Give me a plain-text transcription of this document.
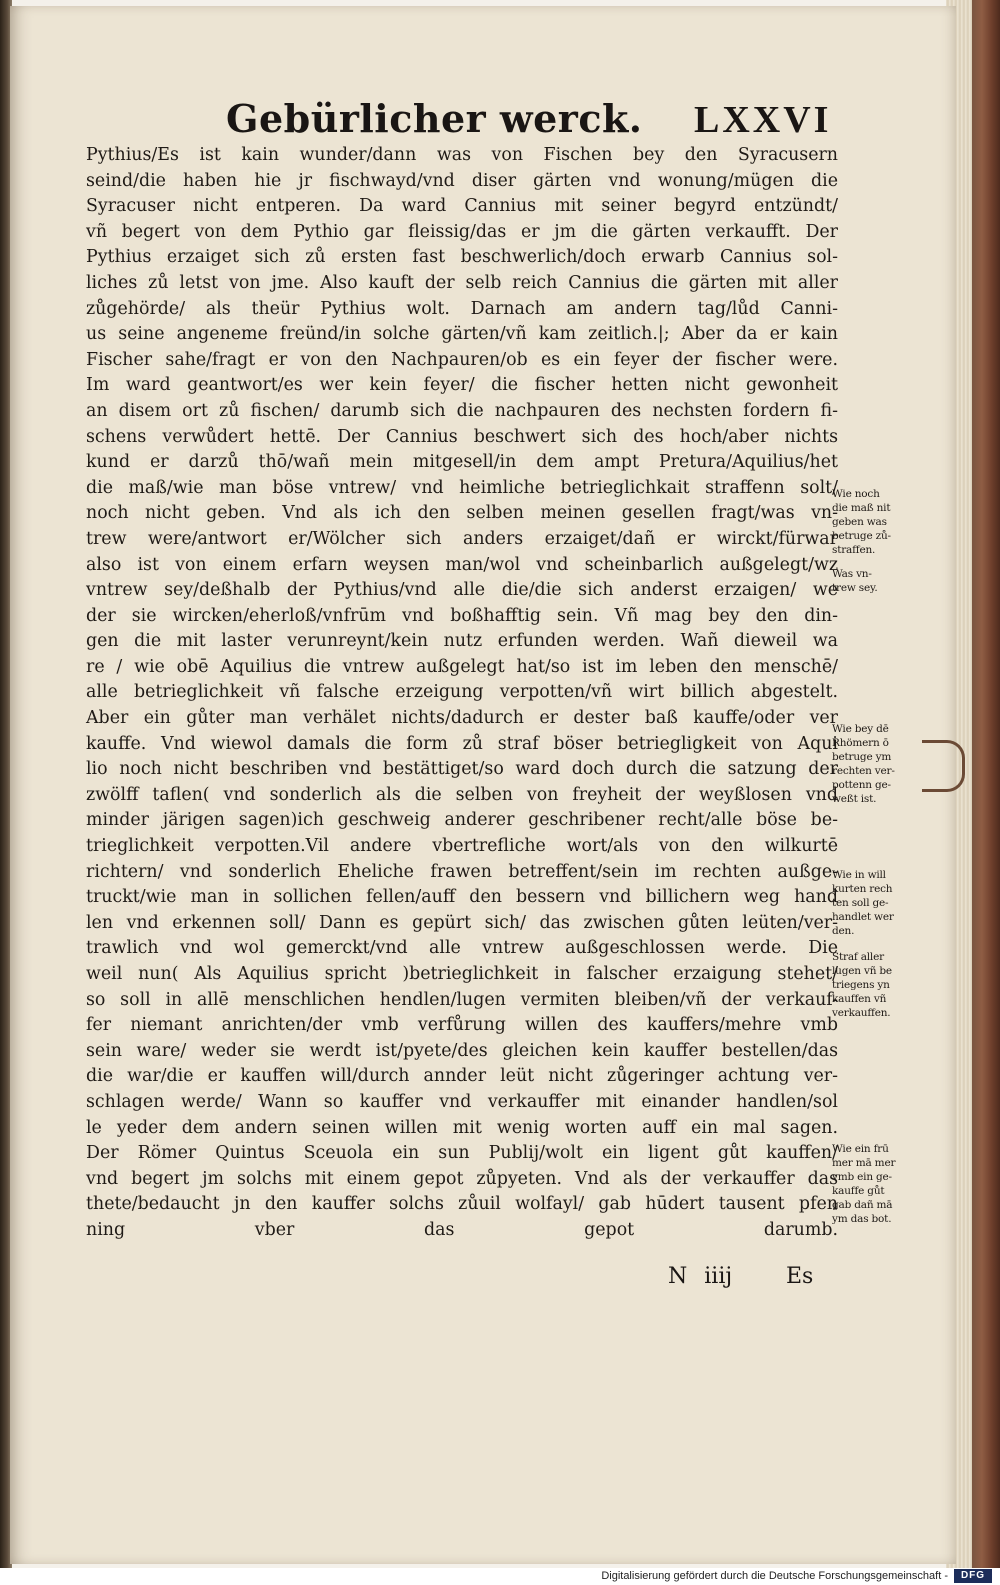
Gebürlicher werck. LXXVI
Pythius/Es ist kain wunder/dann was von Fischen bey den Syracusern
seind/die haben hie jr fischwayd/vnd diser gärten vnd wonung/mügen die
Syracuser nicht entperen. Da ward Cannius mit seiner begyrd entzündt/
vñ begert von dem Pythio gar fleissig/das er jm die gärten verkaufft. Der
Pythius erzaiget sich zů ersten fast beschwerlich/doch erwarb Cannius sol-
liches zů letst von jme. Also kauft der selb reich Cannius die gärten mit aller
zůgehörde/ als theür Pythius wolt. Darnach am andern tag/lůd Canni-
us seine angeneme freünd/in solche gärten/vñ kam zeitlich.|; Aber da er kain
Fischer sahe/fragt er von den Nachpauren/ob es ein feyer der fischer were.
Im ward geantwort/es wer kein feyer/ die fischer hetten nicht gewonheit
an disem ort zů fischen/ darumb sich die nachpauren des nechsten fordern fi-
schens verwůdert hettē. Der Cannius beschwert sich des hoch/aber nichts
kund er darzů thō/wañ mein mitgesell/in dem ampt Pretura/Aquilius/het
die maß/wie man böse vntrew/ vnd heimliche betrieglichkait straffenn solt/
noch nicht geben. Vnd als ich den selben meinen gesellen fragt/was vn-
trew were/antwort er/Wölcher sich anders erzaiget/dañ er wirckt/fürwar
also ist von einem erfarn weysen man/wol vnd scheinbarlich außgelegt/wz
vntrew sey/deßhalb der Pythius/vnd alle die/die sich anderst erzaigen/ we
der sie wircken/eherloß/vnfrūm vnd boßhafftig sein. Vñ mag bey den din-
gen die mit laster verunreynt/kein nutz erfunden werden. Wañ dieweil wa
re / wie obē Aquilius die vntrew außgelegt hat/so ist im leben den menschē/
alle betrieglichkeit vñ falsche erzeigung verpotten/vñ wirt billich abgestelt.
Aber ein gůter man verhälet nichts/dadurch er dester baß kauffe/oder ver
kauffe. Vnd wiewol damals die form zů straf böser betriegligkeit von Aqui
lio noch nicht beschriben vnd bestättiget/so ward doch durch die satzung der
zwölff taflen( vnd sonderlich als die selben von freyheit der weyßlosen vnd
minder järigen sagen)ich geschweig anderer geschribener recht/alle böse be-
trieglichkeit verpotten.Vil andere vbertrefliche wort/als von den wilkurtē
richtern/ vnd sonderlich Eheliche frawen betreffent/sein im rechten außge-
truckt/wie man in sollichen fellen/auff den bessern vnd billichern weg hand
len vnd erkennen soll/ Dann es gepürt sich/ das zwischen gůten leüten/ver-
trawlich vnd wol gemerckt/vnd alle vntrew außgeschlossen werde. Die
weil nun( Als Aquilius spricht )betrieglichkeit in falscher erzaigung stehet/
so soll in allē menschlichen hendlen/lugen vermiten bleiben/vñ der verkauf-
fer niemant anrichten/der vmb verfůrung willen des kauffers/mehre vmb
sein ware/ weder sie werdt ist/pyete/des gleichen kein kauffer bestellen/das
die war/die er kauffen will/durch annder leüt nicht zůgeringer achtung ver-
schlagen werde/ Wann so kauffer vnd verkauffer mit einander handlen/sol
le yeder dem andern seinen willen mit wenig worten auff ein mal sagen.
Der Römer Quintus Sceuola ein sun Publij/wolt ein ligent gůt kauffen/
vnd begert jm solchs mit einem gepot zůpyeten. Vnd als der verkauffer das
thete/bedaucht jn den kauffer solchs zůuil wolfayl/ gab hūdert tausent pfen
ning vber das gepot darumb.
Wie noch
die maß nit
geben was
betruge zů-
straffen.
Was vn-
trew sey.
Wie bey dē
Rhömern ō
betruge ym
rechten ver-
pottenn ge-
weßt ist.
Wie in will
kurten rech
ten soll ge-
handlet wer
den.
Straf aller
lugen vñ be
triegens yn
kauffen vñ
verkauffen.
Wie ein frū
mer mā mer
vmb ein ge-
kauffe gůt
gab dañ mā
ym das bot.
N iiij Es
Digitalisierung gefördert durch die Deutsche Forschungsgemeinschaft -	DFG
